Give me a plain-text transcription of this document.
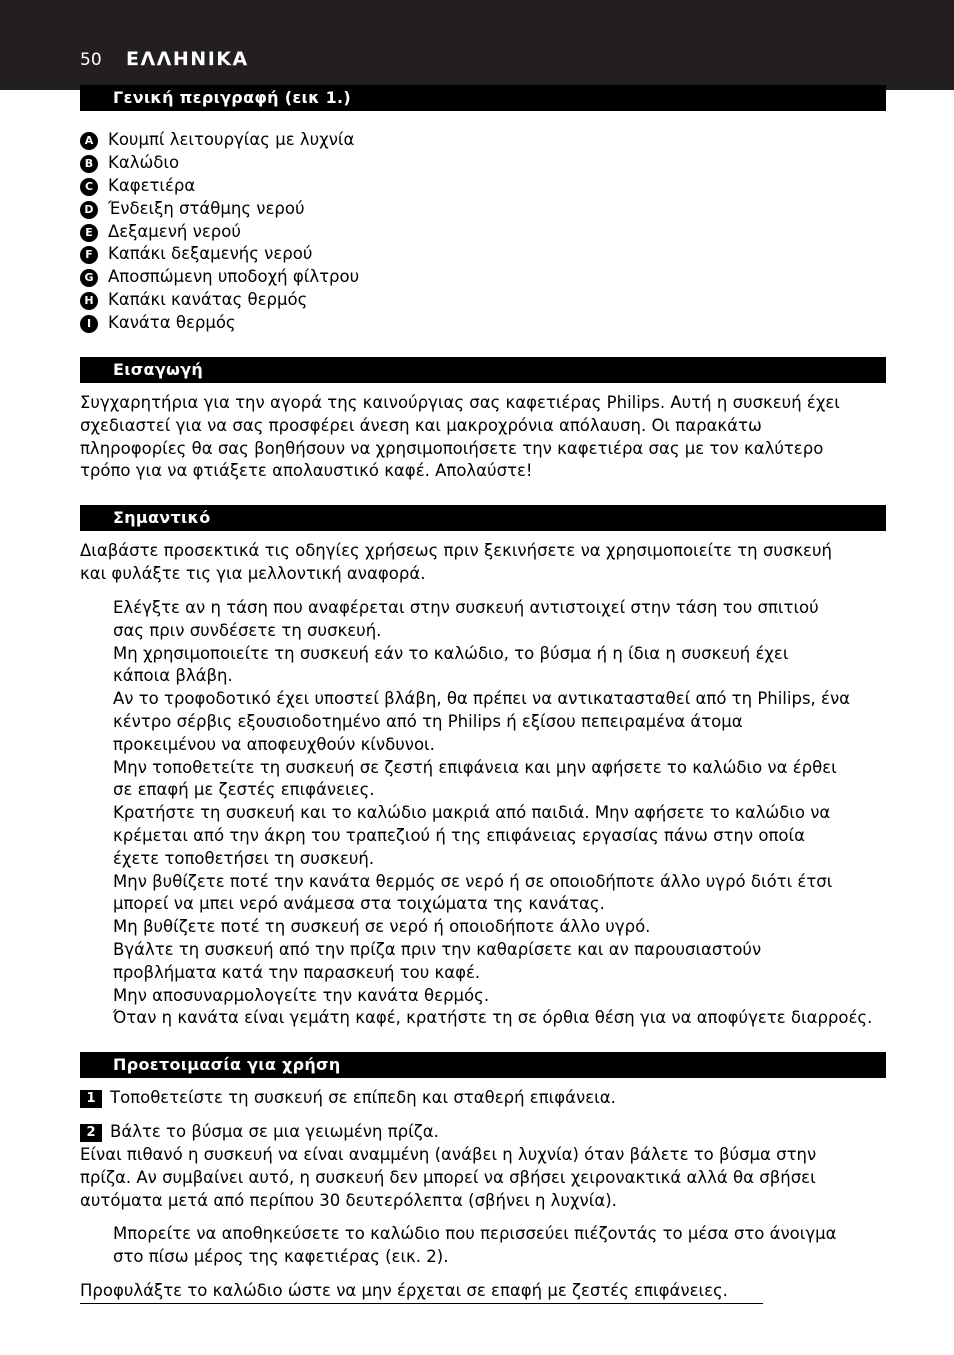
50 ΕΛΛΗΝΙΚΑ
Γενική περιγραφή (εικ 1.)
A Κουμπί λειτουργίας με λυχνία
B Καλώδιο
C Καφετιέρα
D Ένδειξη στάθμης νερού
E Δεξαμενή νερού
F Καπάκι δεξαμενής νερού
G Αποσπώμενη υποδοχή φίλτρου
H Καπάκι κανάτας θερμός
I Κανάτα θερμός
Εισαγωγή
Συγχαρητήρια για την αγορά της καινούργιας σας καφετιέρας Philips. Αυτή η συσκευή έχει
σχεδιαστεί για να σας προσφέρει άνεση και μακροχρόνια απόλαυση. Οι παρακάτω
πληροφορίες θα σας βοηθήσουν να χρησιμοποιήσετε την καφετιέρα σας με τον καλύτερο
τρόπο για να φτιάξετε απολαυστικό καφέ. Απολαύστε!
Σημαντικό
Διαβάστε προσεκτικά τις οδηγίες χρήσεως πριν ξεκινήσετε να χρησιμοποιείτε τη συσκευή
και φυλάξτε τις για μελλοντική αναφορά.
Ελέγξτε αν η τάση που αναφέρεται στην συσκευή αντιστοιχεί στην τάση του σπιτιού
σας πριν συνδέσετε τη συσκευή.
Μη χρησιμοποιείτε τη συσκευή εάν το καλώδιο, το βύσμα ή η ίδια η συσκευή έχει
κάποια βλάβη.
Αν το τροφοδοτικό έχει υποστεί βλάβη, θα πρέπει να αντικατασταθεί από τη Philips, ένα
κέντρο σέρβις εξουσιοδοτημένο από τη Philips ή εξίσου πεπειραμένα άτομα
προκειμένου να αποφευχθούν κίνδυνοι.
Μην τοποθετείτε τη συσκευή σε ζεστή επιφάνεια και μην αφήσετε το καλώδιο να έρθει
σε επαφή με ζεστές επιφάνειες.
Κρατήστε τη συσκευή και το καλώδιο μακριά από παιδιά. Μην αφήσετε το καλώδιο να
κρέμεται από την άκρη του τραπεζιού ή της επιφάνειας εργασίας πάνω στην οποία
έχετε τοποθετήσει τη συσκευή.
Μην βυθίζετε ποτέ την κανάτα θερμός σε νερό ή σε οποιοδήποτε άλλο υγρό διότι έτσι
μπορεί να μπει νερό ανάμεσα στα τοιχώματα της κανάτας.
Μη βυθίζετε ποτέ τη συσκευή σε νερό ή οποιοδήποτε άλλο υγρό.
Βγάλτε τη συσκευή από την πρίζα πριν την καθαρίσετε και αν παρουσιαστούν
προβλήματα κατά την παρασκευή του καφέ.
Μην αποσυναρμολογείτε την κανάτα θερμός.
Όταν η κανάτα είναι γεμάτη καφέ, κρατήστε τη σε όρθια θέση για να αποφύγετε διαρροές.
Προετοιμασία για χρήση
1 Τοποθετείστε τη συσκευή σε επίπεδη και σταθερή επιφάνεια.
2 Βάλτε το βύσμα σε μια γειωμένη πρίζα.
Είναι πιθανό η συσκευή να είναι αναμμένη (ανάβει η λυχνία) όταν βάλετε το βύσμα στην
πρίζα. Αν συμβαίνει αυτό, η συσκευή δεν μπορεί να σβήσει χειρονακτικά αλλά θα σβήσει
αυτόματα μετά από περίπου 30 δευτερόλεπτα (σβήνει η λυχνία).
Μπορείτε να αποθηκεύσετε το καλώδιο που περισσεύει πιέζοντάς το μέσα στο άνοιγμα
στο πίσω μέρος της καφετιέρας (εικ. 2).
Προφυλάξτε το καλώδιο ώστε να μην έρχεται σε επαφή με ζεστές επιφάνειες.
